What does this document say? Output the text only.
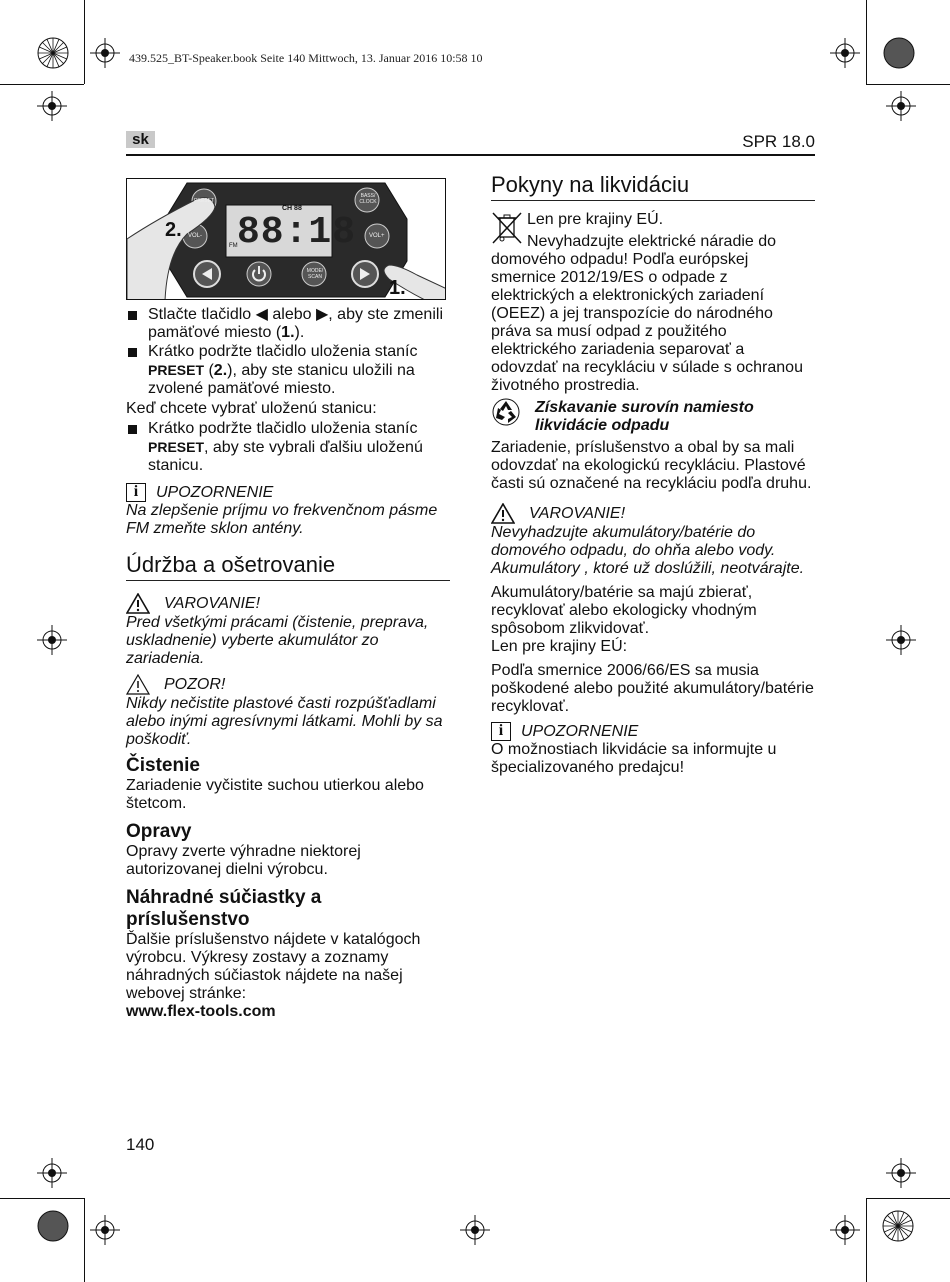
439.525_BT-Speaker.book Seite 140 Mittwoch, 13. Januar 2016 10:58 10
sk	SPR 18.0
88:18
CH 88
FM
PRESET
BASS/ CLOCK
VOL-	VOL+
MODE/ SCAN
2.
1.
Stlačte tlačidlo ◀ alebo ▶, aby ste zmenili pamäťové miesto (1.).
Krátko podržte tlačidlo uloženia staníc PRESET (2.), aby ste stanicu uložili na zvolené pamäťové miesto.

Keď chcete vybrať uloženú stanicu:

Krátko podržte tlačidlo uloženia staníc PRESET, aby ste vybrali ďalšiu uloženú stanicu.
i	UPOZORNENIE

Na zlepšenie príjmu vo frekvenčnom pásme FM zmeňte sklon antény.

Údržba a ošetrovanie
VAROVANIE!

Pred všetkými prácami (čistenie, preprava, uskladnenie) vyberte akumulátor zo zariadenia.

POZOR!

Nikdy nečistite plastové časti rozpúšťadlami alebo inými agresívnymi látkami. Mohli by sa poškodiť.

Čistenie

Zariadenie vyčistite suchou utierkou alebo štetcom.

Opravy

Opravy zverte výhradne niektorej autorizovanej dielni výrobcu.

Náhradné súčiastky a príslušenstvo

Ďalšie príslušenstvo nájdete v katalógoch výrobcu. Výkresy zostavy a zoznamy náhradných súčiastok nájdete na našej webovej stránke:

www.flex-tools.com

Pokyny na likvidáciu

Len pre krajiny EÚ.

Nevyhadzujte elektrické náradie do domového odpadu! Podľa európskej smernice 2012/19/ES o odpade z elektrických a elektronických zariadení (OEEZ) a jej transpozície do národného práva sa musí odpad z použitého elektrického zariadenia separovať a odovzdať na recykláciu v súlade s ochranou životného prostredia.

Získavanie surovín namiesto likvidácie odpadu

Zariadenie, príslušenstvo a obal by sa mali odovzdať na ekologickú recykláciu. Plastové časti sú označené na recykláciu podľa druhu.

VAROVANIE!

Nevyhadzujte akumulátory/batérie do domového odpadu, do ohňa alebo vody. Akumulátory , ktoré už doslúžili, neotvárajte.

Akumulátory/batérie sa majú zbierať, recyklovať alebo ekologicky vhodným spôsobom zlikvidovať.

Len pre krajiny EÚ:

Podľa smernice 2006/66/ES sa musia poškodené alebo použité akumulátory/batérie recyklovať.

i	UPOZORNENIE

O možnostiach likvidácie sa informujte u špecializovaného predajcu!

140
